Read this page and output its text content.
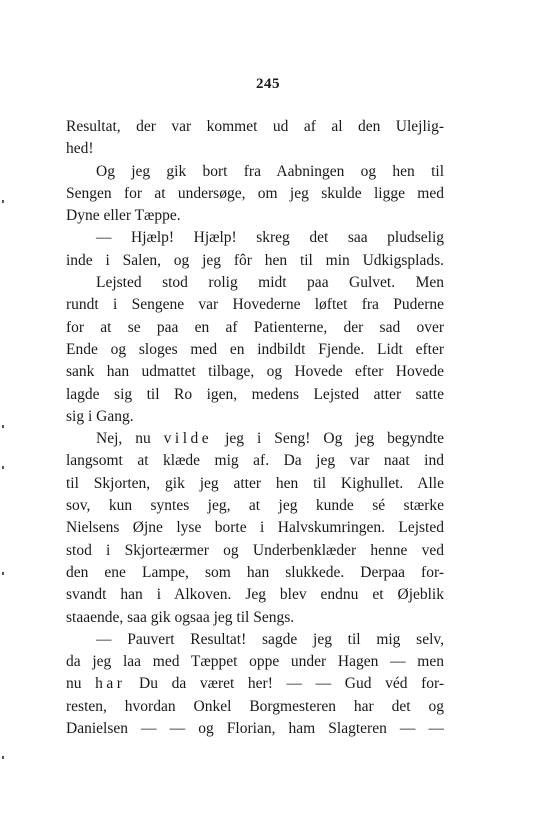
245
Resultat, der var kommet ud af al den Ulejlig-
hed!
Og jeg gik bort fra Aabningen og hen til
Sengen for at undersøge, om jeg skulde ligge med
Dyne eller Tæppe.
— Hjælp! Hjælp! skreg det saa pludselig
inde i Salen, og jeg fôr hen til min Udkigsplads.
Lejsted stod rolig midt paa Gulvet. Men
rundt i Sengene var Hovederne løftet fra Puderne
for at se paa en af Patienterne, der sad over
Ende og sloges med en indbildt Fjende. Lidt efter
sank han udmattet tilbage, og Hovede efter Hovede
lagde sig til Ro igen, medens Lejsted atter satte
sig i Gang.
Nej, nu vilde jeg i Seng! Og jeg begyndte
langsomt at klæde mig af. Da jeg var naat ind
til Skjorten, gik jeg atter hen til Kighullet. Alle
sov, kun syntes jeg, at jeg kunde sé stærke
Nielsens Øjne lyse borte i Halvskumringen. Lejsted
stod i Skjorteærmer og Underbenklæder henne ved
den ene Lampe, som han slukkede. Derpaa for-
svandt han i Alkoven. Jeg blev endnu et Øjeblik
staaende, saa gik ogsaa jeg til Sengs.
— Pauvert Resultat! sagde jeg til mig selv,
da jeg laa med Tæppet oppe under Hagen — men
nu har Du da været her! — — Gud véd for-
resten, hvordan Onkel Borgmesteren har det og
Danielsen — — og Florian, ham Slagteren — —
